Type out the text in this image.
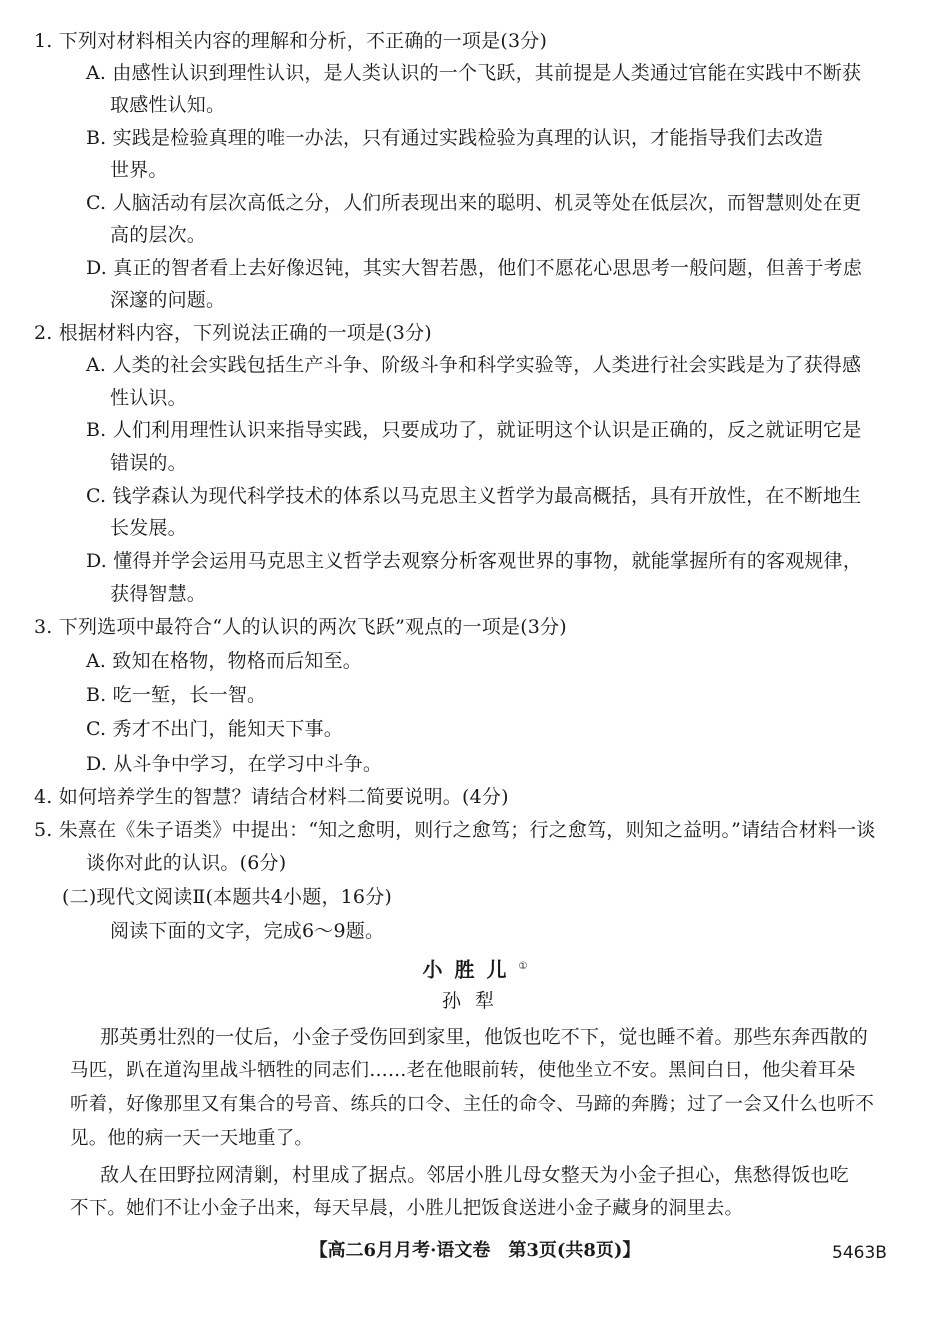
1. 下列对材料相关内容的理解和分析，不正确的一项是(3分)
A. 由感性认识到理性认识，是人类认识的一个飞跃，其前提是人类通过官能在实践中不断获
取感性认知。
B. 实践是检验真理的唯一办法，只有通过实践检验为真理的认识，才能指导我们去改造
世界。
C. 人脑活动有层次高低之分，人们所表现出来的聪明、机灵等处在低层次，而智慧则处在更
高的层次。
D. 真正的智者看上去好像迟钝，其实大智若愚，他们不愿花心思思考一般问题，但善于考虑
深邃的问题。
2. 根据材料内容，下列说法正确的一项是(3分)
A. 人类的社会实践包括生产斗争、阶级斗争和科学实验等，人类进行社会实践是为了获得感
性认识。
B. 人们利用理性认识来指导实践，只要成功了，就证明这个认识是正确的，反之就证明它是
错误的。
C. 钱学森认为现代科学技术的体系以马克思主义哲学为最高概括，具有开放性，在不断地生
长发展。
D. 懂得并学会运用马克思主义哲学去观察分析客观世界的事物，就能掌握所有的客观规律，
获得智慧。
3. 下列选项中最符合“人的认识的两次飞跃”观点的一项是(3分)
A. 致知在格物，物格而后知至。
B. 吃一堑，长一智。
C. 秀才不出门，能知天下事。
D. 从斗争中学习，在学习中斗争。
4. 如何培养学生的智慧？请结合材料二简要说明。(4分)
5. 朱熹在《朱子语类》中提出：“知之愈明，则行之愈笃；行之愈笃，则知之益明。”请结合材料一谈
谈你对此的认识。(6分)
(二)现代文阅读Ⅱ(本题共4小题，16分)
阅读下面的文字，完成6～9题。
小胜儿①
孙犁
那英勇壮烈的一仗后，小金子受伤回到家里，他饭也吃不下，觉也睡不着。那些东奔西散的
马匹，趴在道沟里战斗牺牲的同志们……老在他眼前转，使他坐立不安。黑间白日，他尖着耳朵
听着，好像那里又有集合的号音、练兵的口令、主任的命令、马蹄的奔腾；过了一会又什么也听不
见。他的病一天一天地重了。
敌人在田野拉网清剿，村里成了据点。邻居小胜儿母女整天为小金子担心，焦愁得饭也吃
不下。她们不让小金子出来，每天早晨，小胜儿把饭食送进小金子藏身的洞里去。
【高二6月月考·语文卷　第3页(共8页)】	5463B
